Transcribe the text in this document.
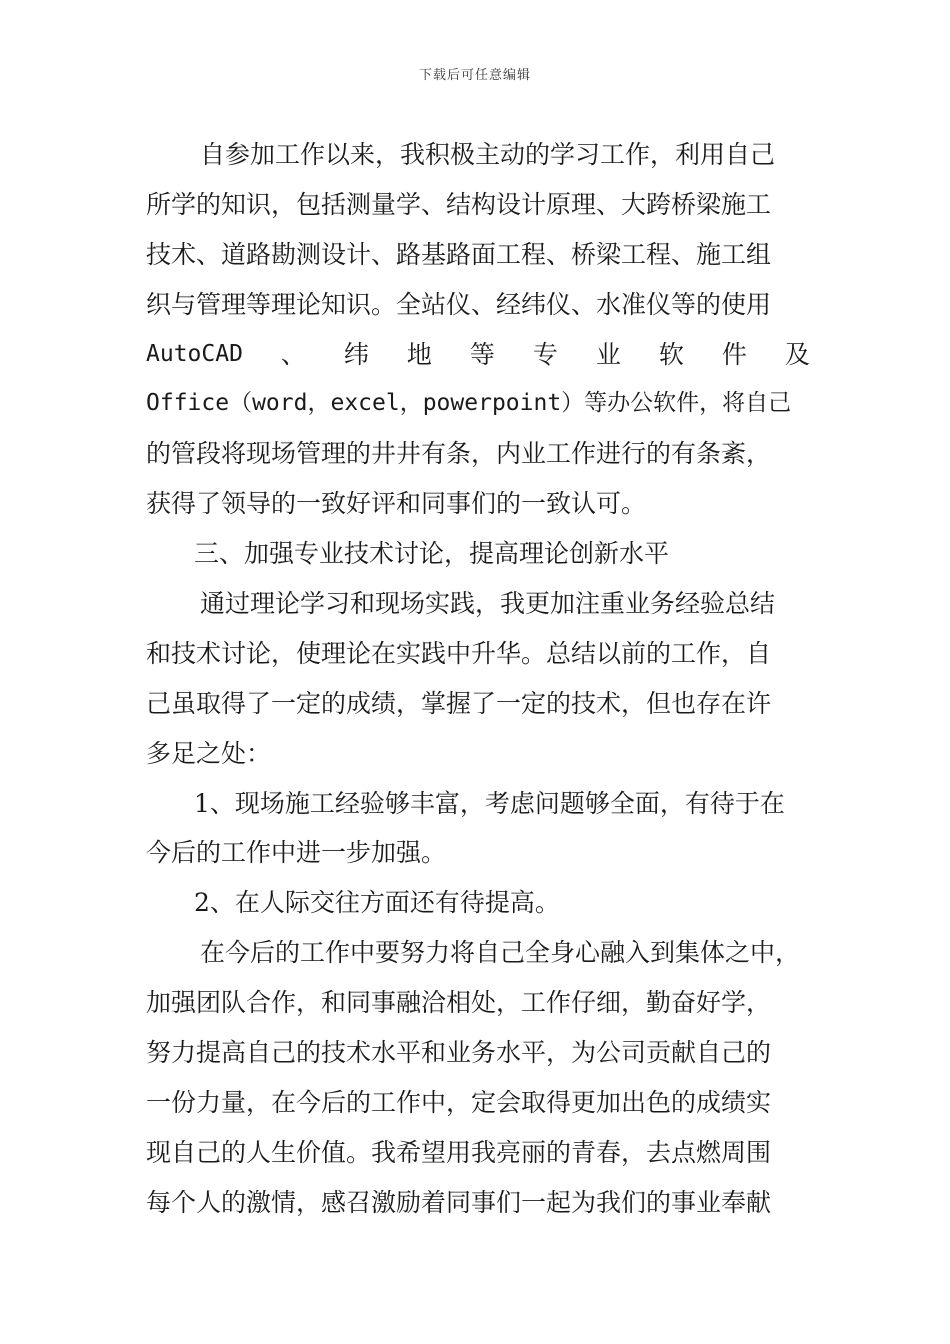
下载后可任意编辑
自参加工作以来，我积极主动的学习工作，利用自己
所学的知识，包括测量学、结构设计原理、大跨桥梁施工
技术、道路勘测设计、路基路面工程、桥梁工程、施工组
织与管理等理论知识。全站仪、经纬仪、水准仪等的使用
AutoCAD 、 纬 地 等 专 业 软 件 及
Office（word，excel，powerpoint）等办公软件，将自己
的管段将现场管理的井井有条，内业工作进行的有条紊，
获得了领导的一致好评和同事们的一致认可。
三、加强专业技术讨论，提高理论创新水平
通过理论学习和现场实践，我更加注重业务经验总结
和技术讨论，使理论在实践中升华。总结以前的工作，自
己虽取得了一定的成绩，掌握了一定的技术，但也存在许
多足之处：
1、现场施工经验够丰富，考虑问题够全面，有待于在
今后的工作中进一步加强。
2、在人际交往方面还有待提高。
在今后的工作中要努力将自己全身心融入到集体之中，
加强团队合作，和同事融洽相处，工作仔细，勤奋好学，
努力提高自己的技术水平和业务水平，为公司贡献自己的
一份力量，在今后的工作中，定会取得更加出色的成绩实
现自己的人生价值。我希望用我亮丽的青春，去点燃周围
每个人的激情，感召激励着同事们一起为我们的事业奉献
